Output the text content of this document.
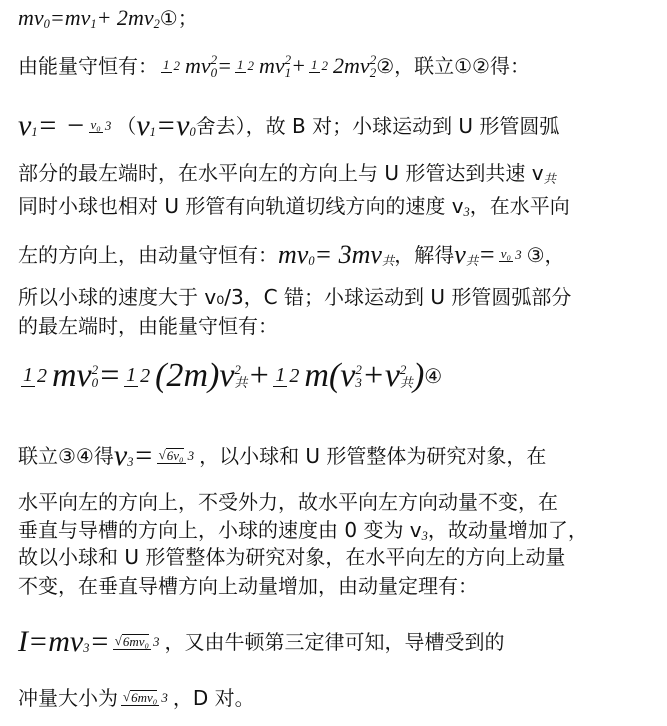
$mv_0=mv_1+$ $2mv_2①$；
由能量守恒有： 1 2 mv 2
0 =1 2 mv 2
1 +1 2 2mv 2
2 ②，联立①②得：
$v_1= - v_0$ 3 （$v_1=v_0$舍去），故 B 对；小球运动到 U 形管圆弧
部分的最左端时，在水平向左的方向上与 U 形管达到共速 $v_共$
同时小球也相对 U 形管有向轨道切线方向的速度 $v_3$，在水平向
左的方向上，由动量守恒有：$mv_0= 3mv_共$，解得$v_共=v_0$ 3 ③，
所以小球的速度大于 v₀/3，C 错；小球运动到 U 形管圆弧部分
的最左端时，由能量守恒有：
1 2 mv 2
0 =1 2 (2m)v 2
共 +1 2 m(v 2
3 +v 2
共 )④
联立③④得$v_3=√6v_0$ 3 ，以小球和 U 形管整体为研究对象，在
水平向左的方向上，不受外力，故水平向左方向动量不变，在
垂直与导槽的方向上，小球的速度由 0 变为 $v_3$，故动量增加了，
故以小球和 U 形管整体为研究对象，在水平向左的方向上动量
不变，在垂直导槽方向上动量增加，由动量定理有：
$I=mv_3=√6mv_0$ 3 ，又由牛顿第三定律可知，导槽受到的
冲量大小为√6mv₀ 3 ，D 对。
